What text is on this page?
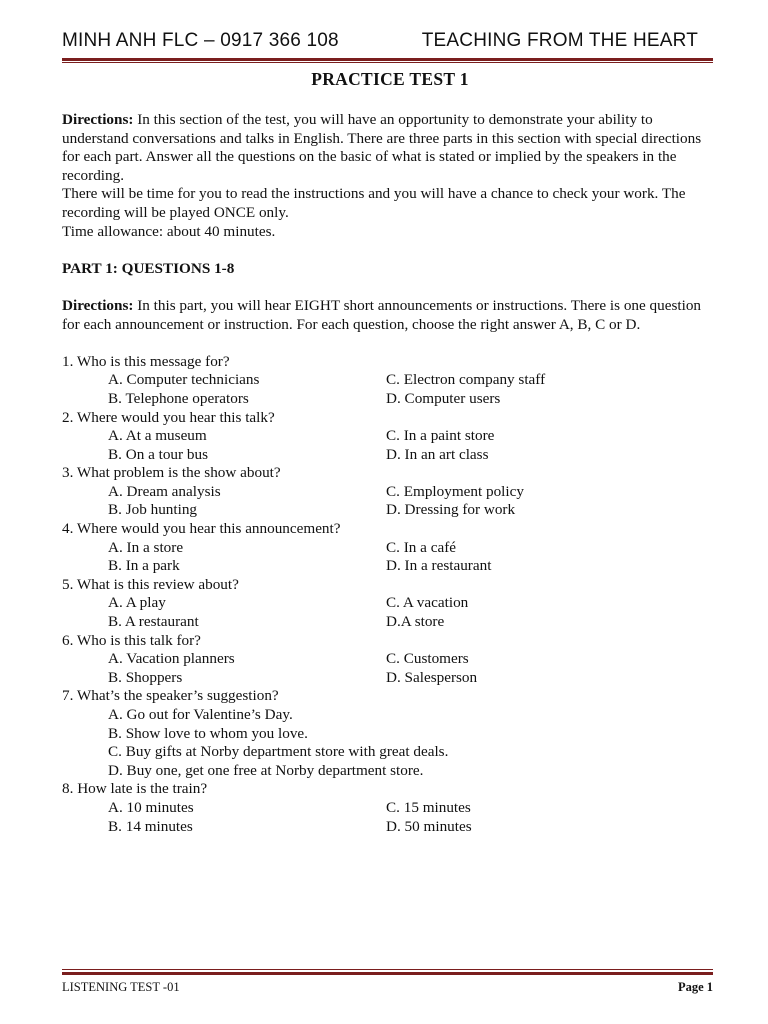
MINH ANH FLC – 0917 366 108	TEACHING FROM THE HEART
PRACTICE TEST 1

Directions: In this section of the test, you will have an opportunity to demonstrate your ability to understand conversations and talks in English. There are three parts in this section with special directions for each part. Answer all the questions on the basic of what is stated or implied by the speakers in the recording.

There will be time for you to read the instructions and you will have a chance to check your work. The recording will be played ONCE only.

Time allowance: about 40 minutes.

PART 1: QUESTIONS 1-8

Directions: In this part, you will hear EIGHT short announcements or instructions. There is one question for each announcement or instruction. For each question, choose the right answer A, B, C or D.

1. Who is this message for?
A. Computer technicians	C. Electron company staff
B. Telephone operators	D. Computer users
2. Where would you hear this talk?
A. At a museum	C. In a paint store
B. On a tour bus	D. In an art class
3. What problem is the show about?
A. Dream analysis	C. Employment policy
B. Job hunting	D. Dressing for work
4. Where would you hear this announcement?
A. In a store	C. In a café
B. In a park	D. In a restaurant
5. What is this review about?
A. A play	C. A vacation
B. A restaurant	D.A store
6. Who is this talk for?
A. Vacation planners	C. Customers
B. Shoppers	D. Salesperson
7. What’s the speaker’s suggestion?
A. Go out for Valentine’s Day.
B. Show love to whom you love.
C. Buy gifts at Norby department store with great deals.
D. Buy one, get one free at Norby department store.
8. How late is the train?
A. 10 minutes	C. 15 minutes
B. 14 minutes	D. 50 minutes
LISTENING TEST -01	Page 1
